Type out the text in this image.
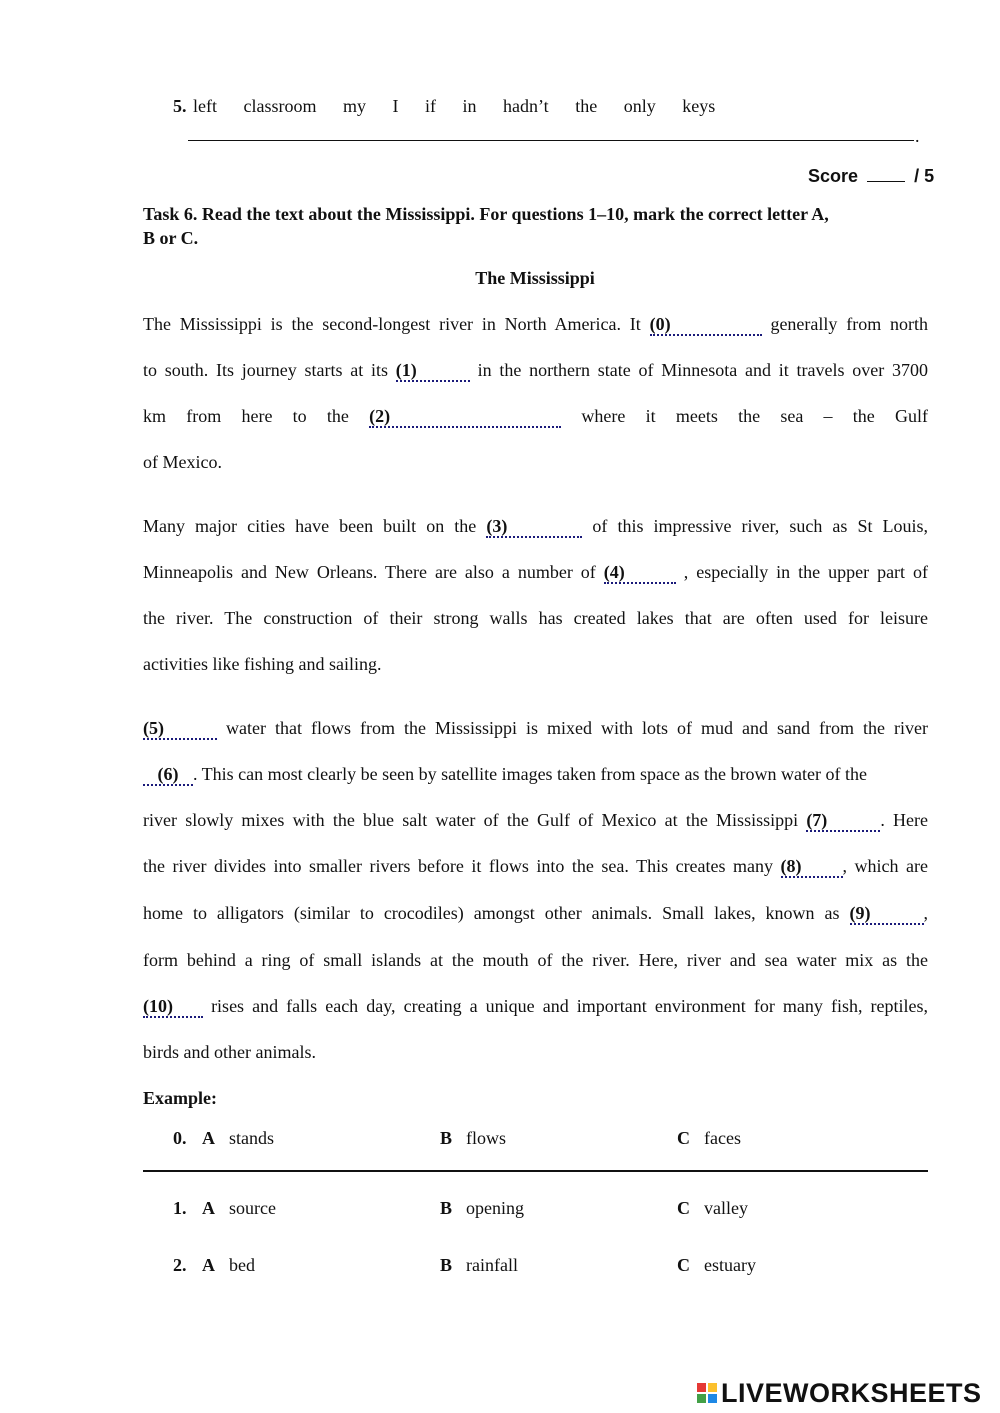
5. left classroom my I if in hadn’t the only keys
.
Score	/ 5
Task 6. Read the text about the Mississippi. For questions 1–10, mark the correct letter A,
B or C.
The Mississippi
The Mississippi is the second-longest river in North America. It (0)	generally from north
to south. Its journey starts at its (1)	in the northern state of Minnesota and it travels over 3700
km from here to the (2)	where it meets the sea – the Gulf
of Mexico.
Many major cities have been built on the (3)	of this impressive river, such as St Louis,
Minneapolis and New Orleans. There are also a number of (4)	, especially in the upper part of
the river. The construction of their strong walls has created lakes that are often used for leisure
activities like fishing and sailing.
(5)	water that flows from the Mississippi is mixed with lots of mud and sand from the river
(6) . This can most clearly be seen by satellite images taken from space as the brown water of the
river slowly mixes with the blue salt water of the Gulf of Mexico at the Mississippi (7)	. Here
the river divides into smaller rivers before it flows into the sea. This creates many (8) , which are
home to alligators (similar to crocodiles) amongst other animals. Small lakes, known as (9)	,
form behind a ring of small islands at the mouth of the river. Here, river and sea water mix as the
(10) rises and falls each day, creating a unique and important environment for many fish, reptiles,
birds and other animals.
Example:
0. A stands	B flows	C faces
1. A source	B opening	C valley
2. A bed	B rainfall	C estuary
LIVEWORKSHEETS
